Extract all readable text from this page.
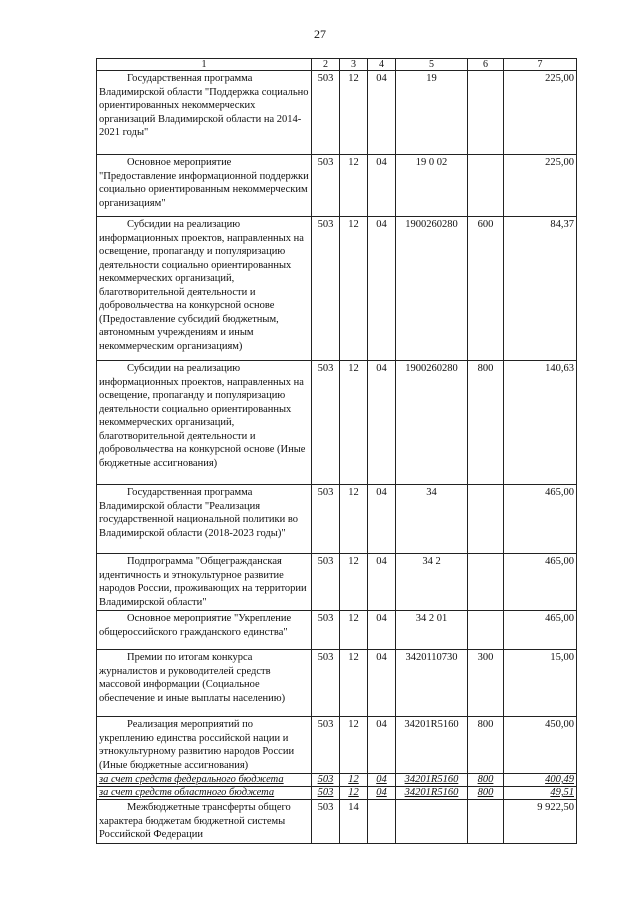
27
1	2	3	4	5	6	7
Государственная программа Владимирской области "Поддержка социально ориентированных некоммерческих организаций Владимирской области на 2014-2021 годы"	503	12	04	19		225,00
Основное мероприятие "Предоставление информационной поддержки социально ориентированным некоммерческим организациям"	503	12	04	19 0 02		225,00
Субсидии на реализацию информационных проектов, направленных на освещение, пропаганду и популяризацию деятельности социально ориентированных некоммерческих организаций, благотворительной деятельности и добровольчества на конкурсной основе (Предоставление субсидий бюджетным, автономным учреждениям и иным некоммерческим организациям)	503	12	04	1900260280	600	84,37
Субсидии на реализацию информационных проектов, направленных на освещение, пропаганду и популяризацию деятельности социально ориентированных некоммерческих организаций, благотворительной деятельности и добровольчества на конкурсной основе (Иные бюджетные ассигнования)	503	12	04	1900260280	800	140,63
Государственная программа Владимирской области "Реализация государственной национальной политики во Владимирской области (2018-2023 годы)"	503	12	04	34		465,00
Подпрограмма "Общегражданская идентичность и этнокультурное развитие народов России, проживающих на территории Владимирской области"	503	12	04	34 2		465,00
Основное мероприятие "Укрепление общероссийского гражданского единства"	503	12	04	34 2 01		465,00
Премии по итогам конкурса журналистов и руководителей средств массовой информации (Социальное обеспечение и иные выплаты населению)	503	12	04	3420110730	300	15,00
Реализация мероприятий по укреплению единства российской нации и этнокультурному развитию народов России (Иные бюджетные ассигнования)	503	12	04	34201R5160	800	450,00
за счет средств федерального бюджета	503	12	04	34201R5160	800	400,49
за счет средств областного бюджета	503	12	04	34201R5160	800	49,51
Межбюджетные трансферты общего характера бюджетам бюджетной системы Российской Федерации	503	14				9 922,50
